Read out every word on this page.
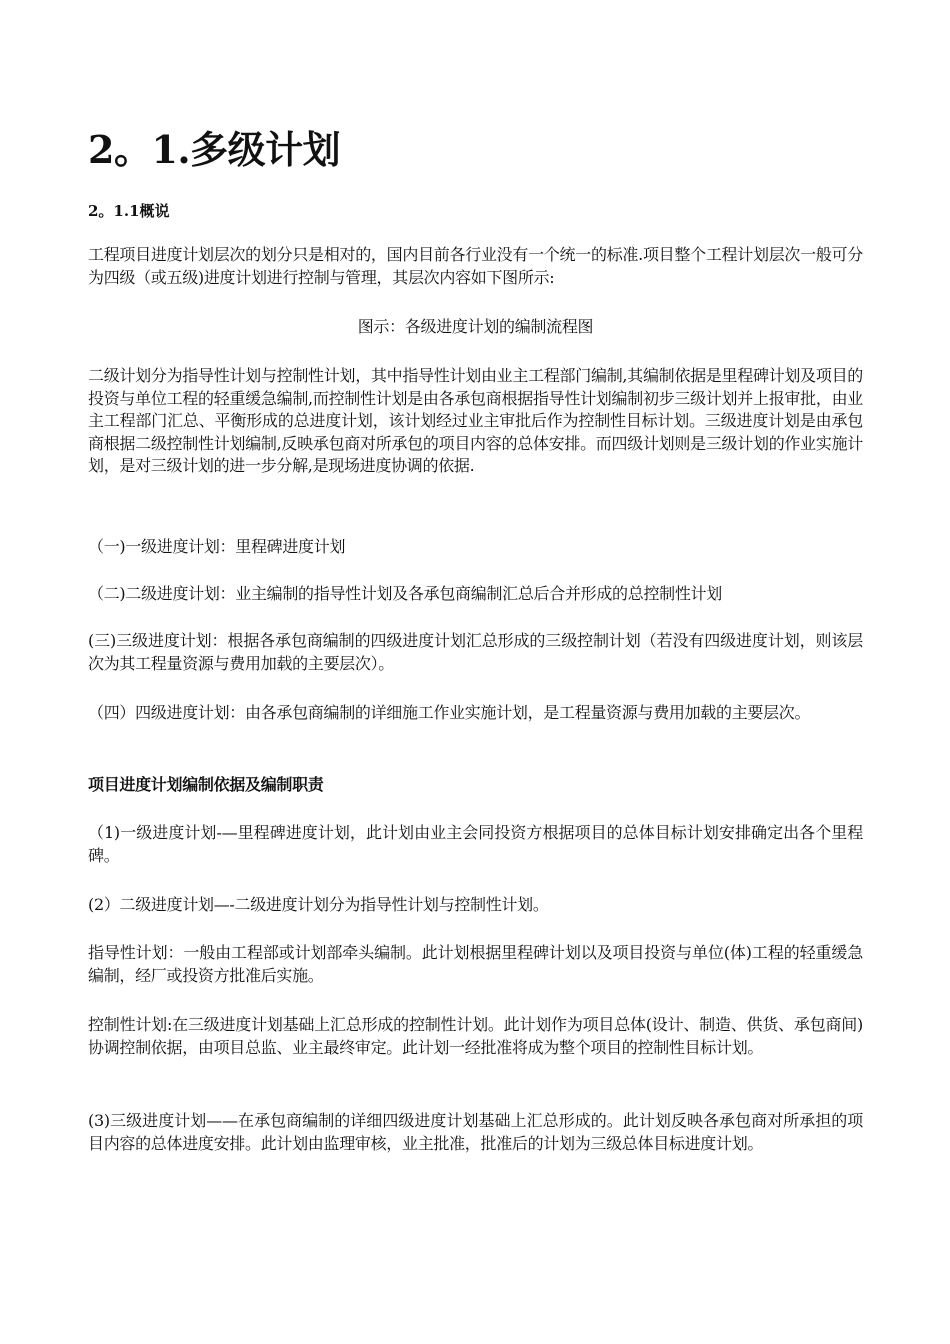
2。1.多级计划
2。1.1概说
工程项目进度计划层次的划分只是相对的，国内目前各行业没有一个统一的标准.项目整个工程计划层次一般可分为四级（或五级)进度计划进行控制与管理，其层次内容如下图所示:
图示：各级进度计划的编制流程图
二级计划分为指导性计划与控制性计划，其中指导性计划由业主工程部门编制,其编制依据是里程碑计划及项目的投资与单位工程的轻重缓急编制,而控制性计划是由各承包商根据指导性计划编制初步三级计划并上报审批，由业主工程部门汇总、平衡形成的总进度计划，该计划经过业主审批后作为控制性目标计划。三级进度计划是由承包商根据二级控制性计划编制,反映承包商对所承包的项目内容的总体安排。而四级计划则是三级计划的作业实施计划，是对三级计划的进一步分解,是现场进度协调的依据.
（一)一级进度计划：里程碑进度计划
（二)二级进度计划：业主编制的指导性计划及各承包商编制汇总后合并形成的总控制性计划
(三)三级进度计划：根据各承包商编制的四级进度计划汇总形成的三级控制计划（若没有四级进度计划，则该层次为其工程量资源与费用加载的主要层次）。
（四）四级进度计划：由各承包商编制的详细施工作业实施计划，是工程量资源与费用加载的主要层次。
项目进度计划编制依据及编制职责
（1)一级进度计划-—里程碑进度计划，此计划由业主会同投资方根据项目的总体目标计划安排确定出各个里程碑。
(2）二级进度计划—-二级进度计划分为指导性计划与控制性计划。
指导性计划：一般由工程部或计划部牵头编制。此计划根据里程碑计划以及项目投资与单位(体)工程的轻重缓急编制，经厂或投资方批准后实施。
控制性计划:在三级进度计划基础上汇总形成的控制性计划。此计划作为项目总体(设计、制造、供货、承包商间)协调控制依据，由项目总监、业主最终审定。此计划一经批准将成为整个项目的控制性目标计划。
(3)三级进度计划——在承包商编制的详细四级进度计划基础上汇总形成的。此计划反映各承包商对所承担的项目内容的总体进度安排。此计划由监理审核，业主批准，批准后的计划为三级总体目标进度计划。
